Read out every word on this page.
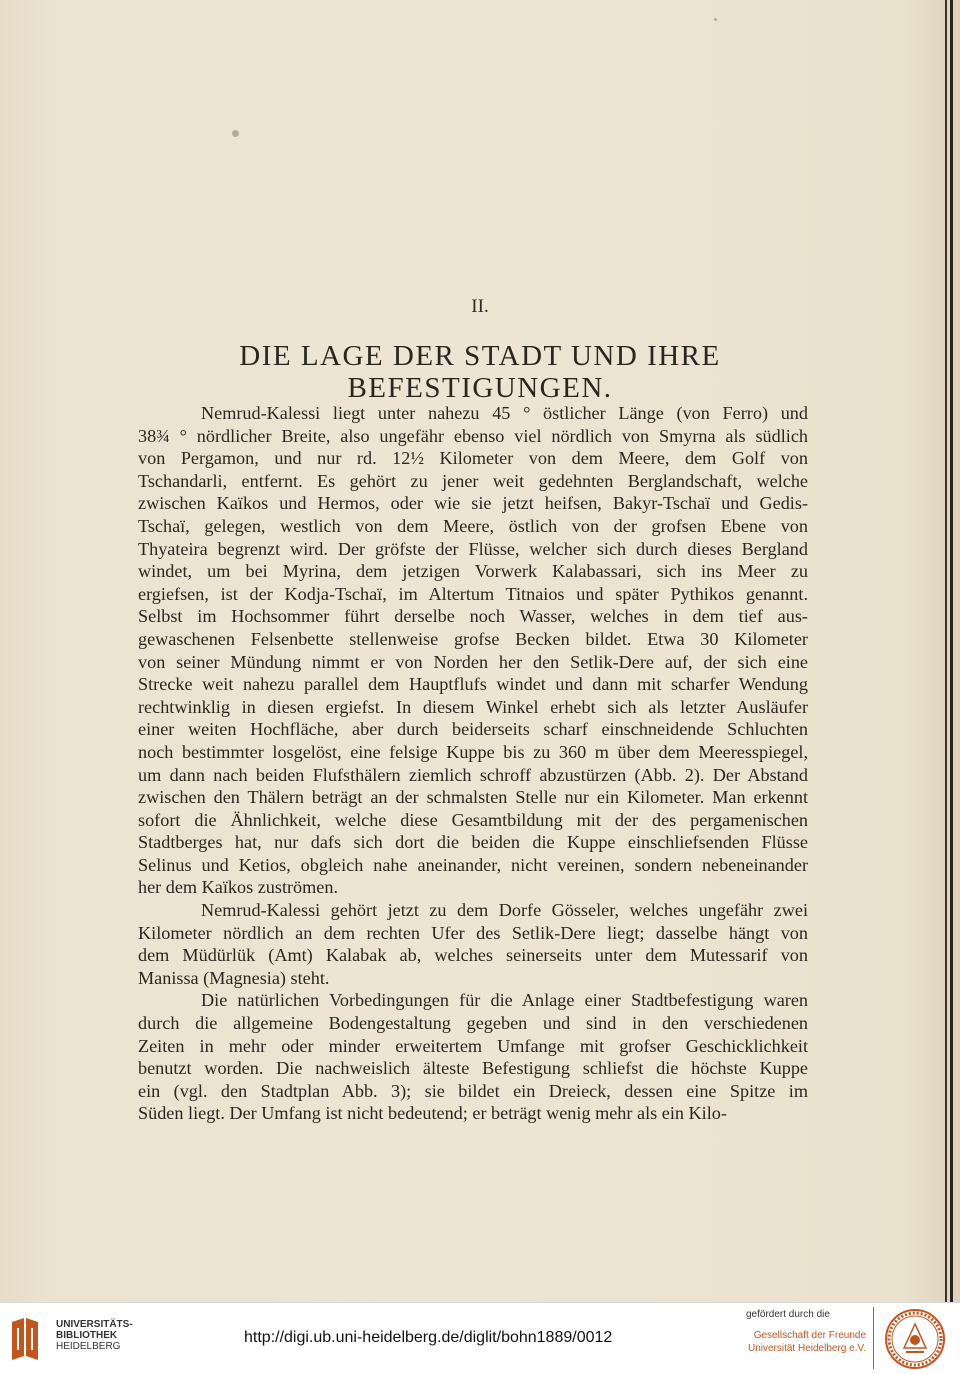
II.
DIE LAGE DER STADT UND IHRE
BEFESTIGUNGEN.
Nemrud-Kalessi liegt unter nahezu 45 ° östlicher Länge (von Ferro) und
38¾ ° nördlicher Breite, also ungefähr ebenso viel nördlich von Smyrna als südlich
von Pergamon, und nur rd. 12½ Kilometer von dem Meere, dem Golf von
Tschandarli, entfernt. Es gehört zu jener weit gedehnten Berglandschaft, welche
zwischen Kaïkos und Hermos, oder wie sie jetzt heifsen, Bakyr-Tschaï und Gedis-
Tschaï, gelegen, westlich von dem Meere, östlich von der grofsen Ebene von
Thyateira begrenzt wird. Der gröfste der Flüsse, welcher sich durch dieses Bergland
windet, um bei Myrina, dem jetzigen Vorwerk Kalabassari, sich ins Meer zu
ergiefsen, ist der Kodja-Tschaï, im Altertum Titnaios und später Pythikos genannt.
Selbst im Hochsommer führt derselbe noch Wasser, welches in dem tief aus-
gewaschenen Felsenbette stellenweise grofse Becken bildet. Etwa 30 Kilometer
von seiner Mündung nimmt er von Norden her den Setlik-Dere auf, der sich eine
Strecke weit nahezu parallel dem Hauptflufs windet und dann mit scharfer Wendung
rechtwinklig in diesen ergiefst. In diesem Winkel erhebt sich als letzter Ausläufer
einer weiten Hochfläche, aber durch beiderseits scharf einschneidende Schluchten
noch bestimmter losgelöst, eine felsige Kuppe bis zu 360 m über dem Meeresspiegel,
um dann nach beiden Flufsthälern ziemlich schroff abzustürzen (Abb. 2). Der Abstand
zwischen den Thälern beträgt an der schmalsten Stelle nur ein Kilometer. Man erkennt
sofort die Ähnlichkeit, welche diese Gesamtbildung mit der des pergamenischen
Stadtberges hat, nur dafs sich dort die beiden die Kuppe einschliefsenden Flüsse
Selinus und Ketios, obgleich nahe aneinander, nicht vereinen, sondern nebeneinander
her dem Kaïkos zuströmen.
Nemrud-Kalessi gehört jetzt zu dem Dorfe Gösseler, welches ungefähr zwei
Kilometer nördlich an dem rechten Ufer des Setlik-Dere liegt; dasselbe hängt von
dem Müdürlük (Amt) Kalabak ab, welches seinerseits unter dem Mutessarif von
Manissa (Magnesia) steht.
Die natürlichen Vorbedingungen für die Anlage einer Stadtbefestigung waren
durch die allgemeine Bodengestaltung gegeben und sind in den verschiedenen
Zeiten in mehr oder minder erweitertem Umfange mit grofser Geschicklichkeit
benutzt worden. Die nachweislich älteste Befestigung schliefst die höchste Kuppe
ein (vgl. den Stadtplan Abb. 3); sie bildet ein Dreieck, dessen eine Spitze im
Süden liegt. Der Umfang ist nicht bedeutend; er beträgt wenig mehr als ein Kilo-
UNIVERSITÄTS-
BIBLIOTHEK
HEIDELBERG
http://digi.ub.uni-heidelberg.de/diglit/bohn1889/0012
gefördert durch die
Gesellschaft der Freunde
Universität Heidelberg e.V.
